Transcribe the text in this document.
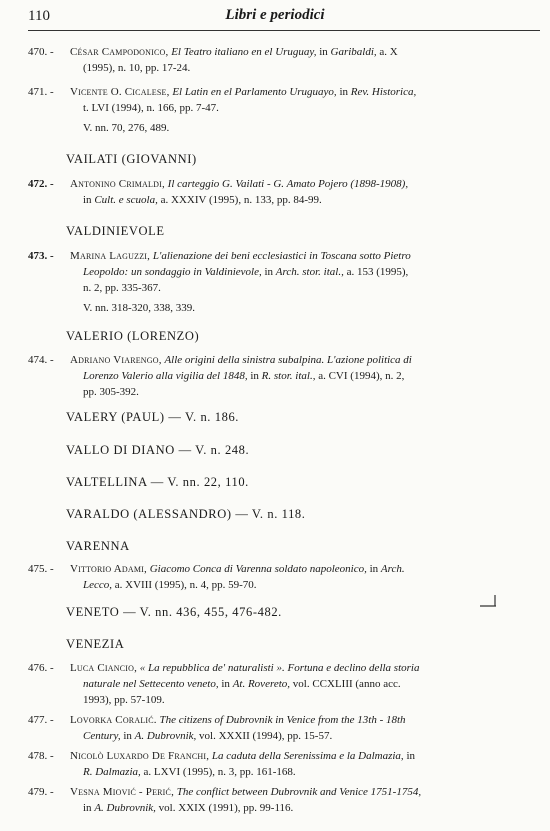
110	Libri e periodici
470. - César Campodonico, El Teatro italiano en el Uruguay, in Garibaldi, a. X
(1995), n. 10, pp. 17-24.
471. - Vicente O. Cicalese, El Latin en el Parlamento Uruguayo, in Rev. Historica,
t. LVI (1994), n. 166, pp. 7-47.
V. nn. 70, 276, 489.
VAILATI (GIOVANNI)
472. - Antonino Crimaldi, Il carteggio G. Vailati - G. Amato Pojero (1898-1908),
in Cult. e scuola, a. XXXIV (1995), n. 133, pp. 84-99.
VALDINIEVOLE
473. - Marina Laguzzi, L'alienazione dei beni ecclesiastici in Toscana sotto Pietro
Leopoldo: un sondaggio in Valdinievole, in Arch. stor. ital., a. 153 (1995),
n. 2, pp. 335-367.
V. nn. 318-320, 338, 339.
VALERIO (LORENZO)
474. - Adriano Viarengo, Alle origini della sinistra subalpina. L'azione politica di
Lorenzo Valerio alla vigilia del 1848, in R. stor. ital., a. CVI (1994), n. 2,
pp. 305-392.
VALERY (PAUL) — V. n. 186.
VALLO DI DIANO — V. n. 248.
VALTELLINA — V. nn. 22, 110.
VARALDO (ALESSANDRO) — V. n. 118.
VARENNA
475. - Vittorio Adami, Giacomo Conca di Varenna soldato napoleonico, in Arch.
Lecco, a. XVIII (1995), n. 4, pp. 59-70.
VENETO — V. nn. 436, 455, 476-482.
VENEZIA
476. - Luca Ciancio, « La repubblica de' naturalisti ». Fortuna e declino della storia
naturale nel Settecento veneto, in At. Rovereto, vol. CCXLIII (anno acc.
1993), pp. 57-109.
477. - Lovorka Coralić. The citizens of Dubrovnik in Venice from the 13th - 18th
Century, in A. Dubrovnik, vol. XXXII (1994), pp. 15-57.
478. - Nicolò Luxardo De Franchi, La caduta della Serenissima e la Dalmazia, in
R. Dalmazia, a. LXVI (1995), n. 3, pp. 161-168.
479. - Vesna Miović - Perić, The conflict between Dubrovnik and Venice 1751-1754,
in A. Dubrovnik, vol. XXIX (1991), pp. 99-116.
